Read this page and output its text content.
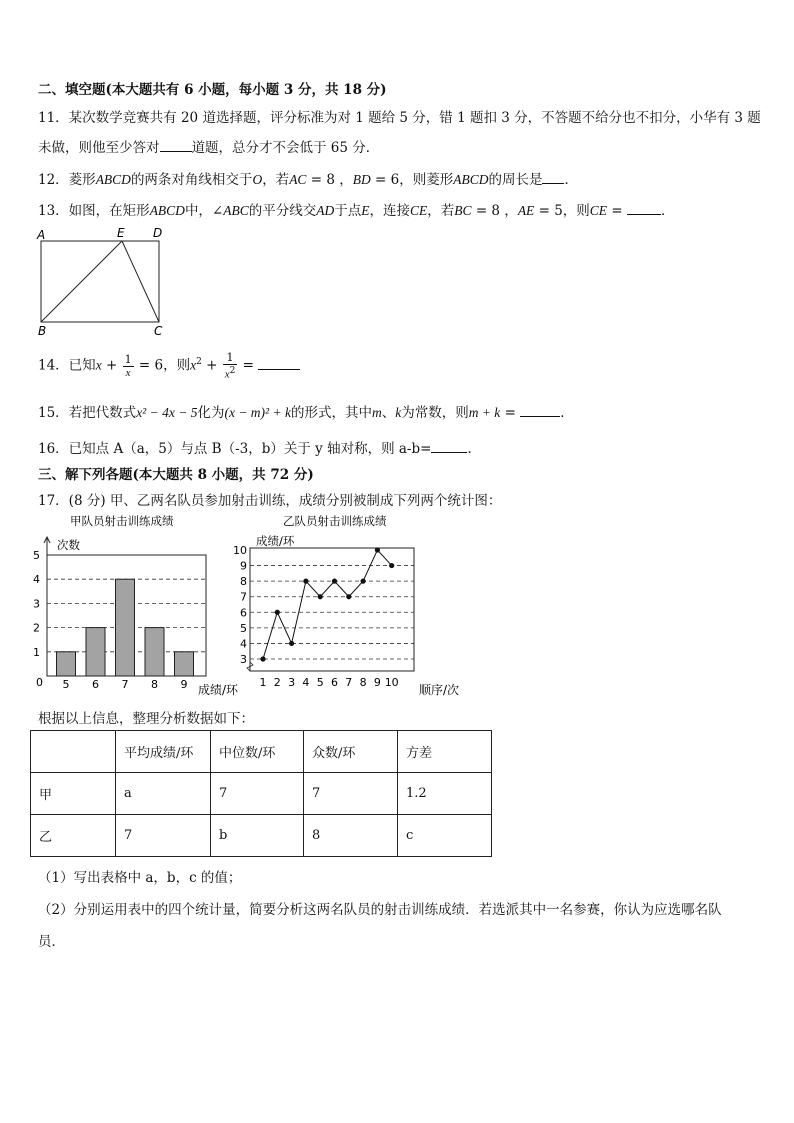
二、填空题(本大题共有 6 小题，每小题 3 分，共 18 分)
11．某次数学竞赛共有 20 道选择题，评分标准为对 1 题给 5 分，错 1 题扣 3 分，不答题不给分也不扣分，小华有 3 题
未做，则他至少答对 道题，总分才不会低于 65 分．
12．菱形ABCD的两条对角线相交于O，若AC = 8 ，BD = 6，则菱形ABCD的周长是 ．
13．如图，在矩形ABCD中，∠ABC的平分线交AD于点E，连接CE，若BC = 8 ，AE = 5，则CE =	．
A	E D
B	C
14．已知$x + \frac{1}{x} = 6$，则$x^2 + \frac{1}{x^2}$ =
15．若把代数式x² − 4x − 5化为(x − m)² + k的形式，其中m、k为常数，则m + k =	．
16．已知点 A（a，5）与点 B（-3，b）关于 y 轴对称，则 a-b=	．
三、解下列各题(本大题共 8 小题，共 72 分)
17．(8 分) 甲、乙两名队员参加射击训练，成绩分别被制成下列两个统计图：
甲队员射击训练成绩
次数
0
1
2
3
4
5
5 6 7 8 9 成绩/环
乙队员射击训练成绩
成绩/环
3
4
5
6
7
8
9
10
1 2 3 4 5 6 7 8 9 10
顺序/次
根据以上信息，整理分析数据如下：
	平均成绩/环	中位数/环	众数/环	方差
甲	a	7	7	1.2
乙	7	b	8	c
（1）写出表格中 a，b，c 的值；
（2）分别运用表中的四个统计量，简要分析这两名队员的射击训练成绩．若选派其中一名参赛，你认为应选哪名队
员．
